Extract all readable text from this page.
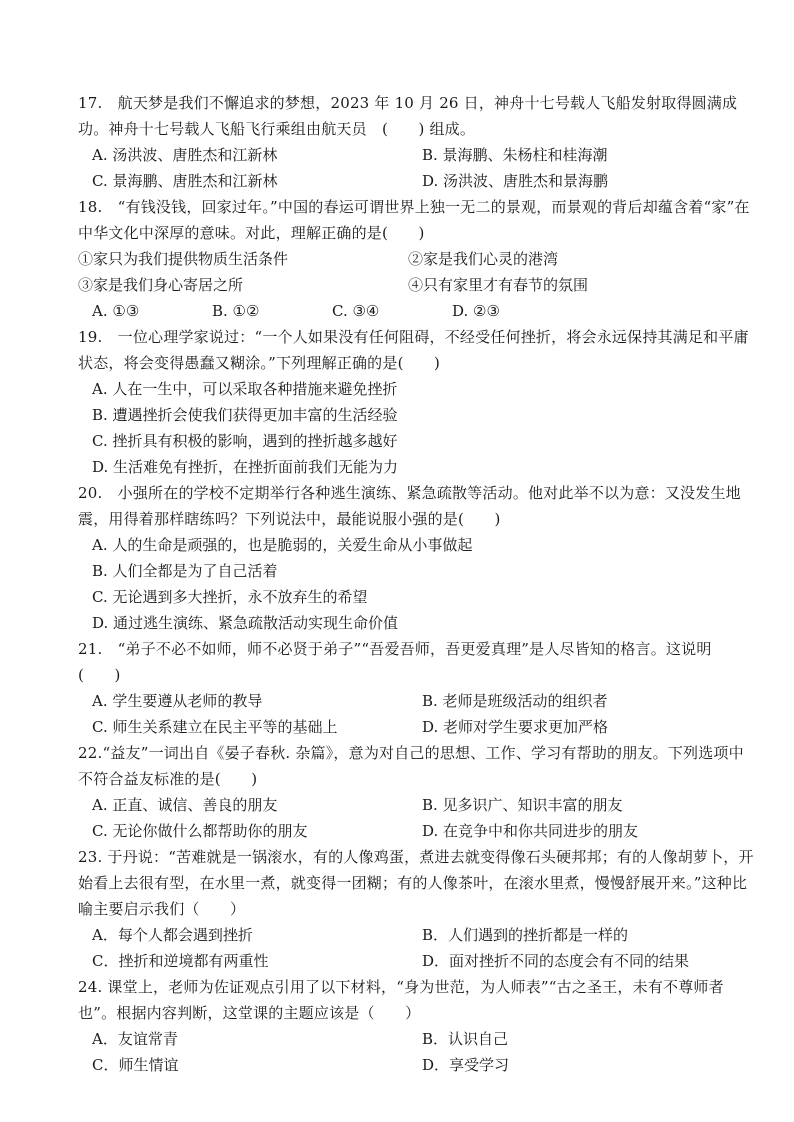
17.　航天梦是我们不懈追求的梦想，2023 年 10 月 26 日，神舟十七号载人飞船发射取得圆满成功。神舟十七号载人飞船飞行乘组由航天员　(　　) 组成。

A. 汤洪波、唐胜杰和江新林	B. 景海鹏、朱杨柱和桂海潮
C. 景海鹏、唐胜杰和江新林	D. 汤洪波、唐胜杰和景海鹏

18.　“有钱没钱，回家过年。”中国的春运可谓世界上独一无二的景观，而景观的背后却蕴含着“家”在中华文化中深厚的意味。对此，理解正确的是(　　)

①家只为我们提供物质生活条件	②家是我们心灵的港湾
③家是我们身心寄居之所	④只有家里才有春节的氛围
A. ①③	B. ①②	C. ③④	D. ②③

19.　一位心理学家说过：“一个人如果没有任何阻碍，不经受任何挫折，将会永远保持其满足和平庸状态，将会变得愚蠢又糊涂。”下列理解正确的是(　　)

A. 人在一生中，可以采取各种措施来避免挫折
B. 遭遇挫折会使我们获得更加丰富的生活经验
C. 挫折具有积极的影响，遇到的挫折越多越好
D. 生活难免有挫折，在挫折面前我们无能为力

20.　小强所在的学校不定期举行各种逃生演练、紧急疏散等活动。他对此举不以为意：又没发生地震，用得着那样瞎练吗？下列说法中，最能说服小强的是(　　)

A. 人的生命是顽强的，也是脆弱的，关爱生命从小事做起
B. 人们全都是为了自己活着
C. 无论遇到多大挫折，永不放弃生的希望
D. 通过逃生演练、紧急疏散活动实现生命价值

21.　“弟子不必不如师，师不必贤于弟子”“吾爱吾师，吾更爱真理”是人尽皆知的格言。这说明(　　)

A. 学生要遵从老师的教导	B. 老师是班级活动的组织者
C. 师生关系建立在民主平等的基础上	D. 老师对学生要求更加严格

22.“益友”一词出自《晏子春秋. 杂篇》，意为对自己的思想、工作、学习有帮助的朋友。下列选项中不符合益友标准的是(　　)

A. 正直、诚信、善良的朋友	B. 见多识广、知识丰富的朋友
C. 无论你做什么都帮助你的朋友	D. 在竞争中和你共同进步的朋友

23. 于丹说：“苦难就是一锅滚水，有的人像鸡蛋，煮进去就变得像石头硬邦邦；有的人像胡萝卜，开始看上去很有型，在水里一煮，就变得一团糊；有的人像茶叶，在滚水里煮，慢慢舒展开来。”这种比喻主要启示我们（　　）

A．每个人都会遇到挫折	B．人们遇到的挫折都是一样的
C．挫折和逆境都有两重性	D．面对挫折不同的态度会有不同的结果

24. 课堂上，老师为佐证观点引用了以下材料，“身为世范，为人师表”“古之圣王，未有不尊师者也”。根据内容判断，这堂课的主题应该是（　　）

A．友谊常青	B．认识自己
C．师生情谊	D．享受学习
